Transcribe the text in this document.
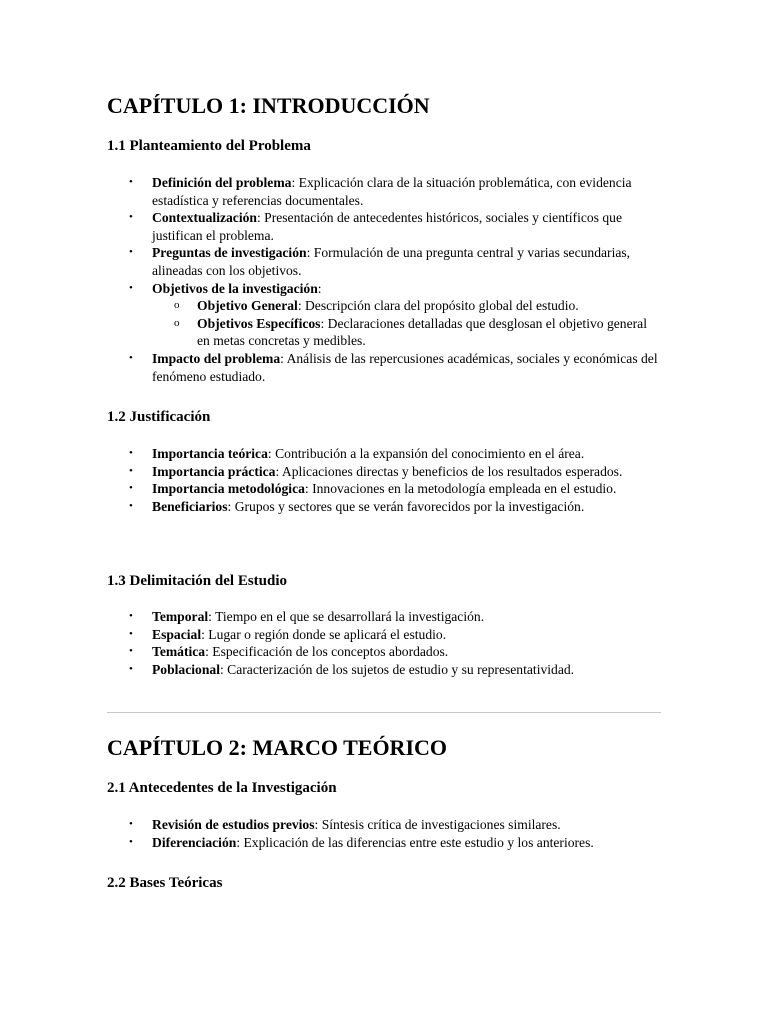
CAPÍTULO 1: INTRODUCCIÓN
1.1 Planteamiento del Problema
• Definición del problema: Explicación clara de la situación problemática, con evidencia estadística y referencias documentales.
• Contextualización: Presentación de antecedentes históricos, sociales y científicos que justifican el problema.
• Preguntas de investigación: Formulación de una pregunta central y varias secundarias, alineadas con los objetivos.
• Objetivos de la investigación:
o Objetivo General: Descripción clara del propósito global del estudio.
o Objetivos Específicos: Declaraciones detalladas que desglosan el objetivo general en metas concretas y medibles.
• Impacto del problema: Análisis de las repercusiones académicas, sociales y económicas del fenómeno estudiado.
1.2 Justificación
• Importancia teórica: Contribución a la expansión del conocimiento en el área.
• Importancia práctica: Aplicaciones directas y beneficios de los resultados esperados.
• Importancia metodológica: Innovaciones en la metodología empleada en el estudio.
• Beneficiarios: Grupos y sectores que se verán favorecidos por la investigación.
1.3 Delimitación del Estudio
• Temporal: Tiempo en el que se desarrollará la investigación.
• Espacial: Lugar o región donde se aplicará el estudio.
• Temática: Especificación de los conceptos abordados.
• Poblacional: Caracterización de los sujetos de estudio y su representatividad.
CAPÍTULO 2: MARCO TEÓRICO
2.1 Antecedentes de la Investigación
• Revisión de estudios previos: Síntesis crítica de investigaciones similares.
• Diferenciación: Explicación de las diferencias entre este estudio y los anteriores.
2.2 Bases Teóricas
